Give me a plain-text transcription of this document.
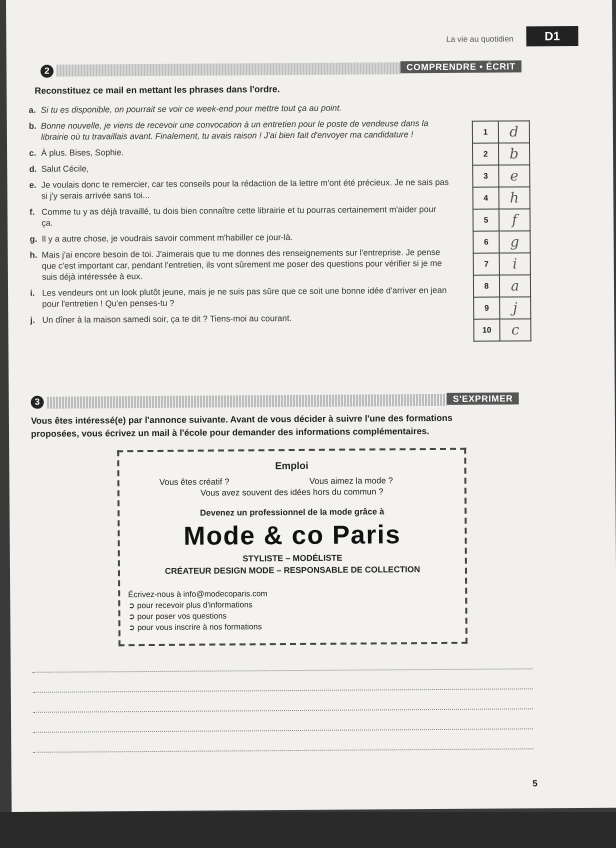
La vie au quotidien	D1
2	COMPRENDRE • ÉCRIT
Reconstituez ce mail en mettant les phrases dans l'ordre.
a. Si tu es disponible, on pourrait se voir ce week-end pour mettre tout ça au point.
b. Bonne nouvelle, je viens de recevoir une convocation à un entretien pour le poste de vendeuse dans la librairie où tu travaillais avant. Finalement, tu avais raison ! J'ai bien fait d'envoyer ma candidature !
c. À plus. Bises, Sophie.
d. Salut Cécile,
e. Je voulais donc te remercier, car tes conseils pour la rédaction de la lettre m'ont été précieux. Je ne sais pas si j'y serais arrivée sans toi...
f. Comme tu y as déjà travaillé, tu dois bien connaître cette librairie et tu pourras certainement m'aider pour ça.
g. Il y a autre chose, je voudrais savoir comment m'habiller ce jour-là.
h. Mais j'ai encore besoin de toi. J'aimerais que tu me donnes des renseignements sur l'entreprise. Je pense que c'est important car, pendant l'entretien, ils vont sûrement me poser des questions pour vérifier si je me suis déjà intéressée à eux.
i. Les vendeurs ont un look plutôt jeune, mais je ne suis pas sûre que ce soit une bonne idée d'arriver en jean pour l'entretien ! Qu'en penses-tu ?
j. Un dîner à la maison samedi soir, ça te dit ? Tiens-moi au courant.
1	d
2	b
3	e
4	h
5	f
6	g
7	i
8	a
9	j
10	c
3	S'EXPRIMER
Vous êtes intéressé(e) par l'annonce suivante. Avant de vous décider à suivre l'une des formations
proposées, vous écrivez un mail à l'école pour demander des informations complémentaires.
Emploi
Vous êtes créatif ?	Vous aimez la mode ?
Vous avez souvent des idées hors du commun ?
Devenez un professionnel de la mode grâce à
Mode & co Paris
STYLISTE – MODÉLISTE
CRÉATEUR DESIGN MODE – RESPONSABLE DE COLLECTION
Écrivez-nous à info@modecoparis.com
➲ pour recevoir plus d'informations
➲ pour poser vos questions
➲ pour vous inscrire à nos formations
5
